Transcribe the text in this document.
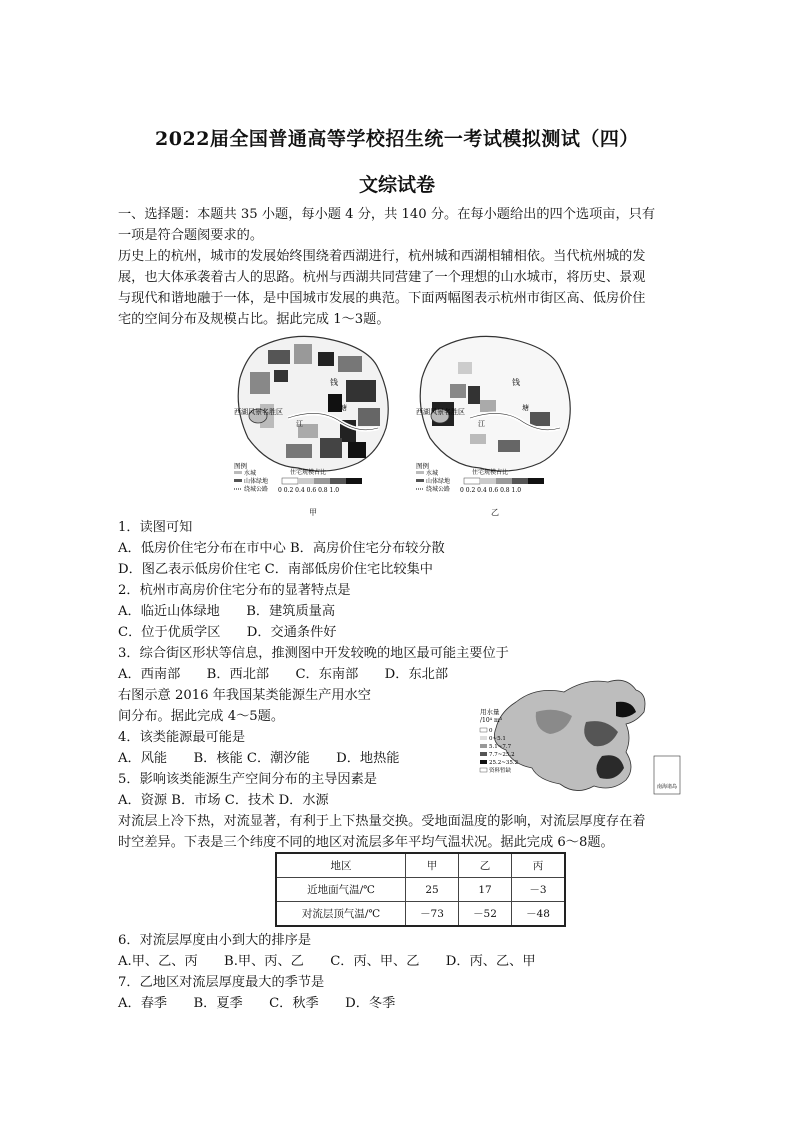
2022届全国普通高等学校招生统一考试模拟测试（四）
文综试卷
一、选择题：本题共 35 小题，每小题 4 分，共 140 分。在每小题给出的四个选项亩，只有
一项是符合题阂要求的。
历史上的杭州，城市的发展始终围绕着西湖进行，杭州城和西湖相辅相依。当代杭州城的发
展，也大体承袭着古人的思路。杭州与西湖共同营建了一个理想的山水城市，将历史、景观
与现代和谐地融于一体，是中国城市发展的典范。下面两幅图表示杭州市街区高、低房价住
宅的空间分布及规模占比。据此完成 1～3题。
钱
塘
江
西湖风景名胜区
图例
水城
山体绿地
绕城公路
住宅规模占比
0 0.2 0.4 0.6 0.8 1.0
甲
钱
塘
江
西湖风景名胜区
图例
水城
山体绿地
绕城公路
住宅规模占比
0 0.2 0.4 0.6 0.8 1.0
乙
1．读图可知
A．低房价住宅分布在市中心 B．高房价住宅分布较分散
D．图乙表示低房价住宅 C．南部低房价住宅比较集中
2．杭州市高房价住宅分布的显著特点是
A．临近山体绿地　　B．建筑质量高
C．位于优质学区　　D．交通条件好
3．综合街区形状等信息，推测图中开发较晚的地区最可能主要位于
A．西南部　　B．西北部　　C．东南部　　D．东北部
右图示意 2016 年我国某类能源生产用水空
间分布。据此完成 4～5题。
4．该类能源最可能是
A．风能　　B．核能 C．潮汐能　　D．地热能
5．影响该类能源生产空间分布的主导因素是
A．资源 B．市场 C．技术 D．水源
南海诸岛
用水量
/10⁴ m³
0
0~5.1
5.1~7.7
7.7~25.2
25.2~35.2
资料暂缺
对流层上冷下热，对流显著，有利于上下热量交换。受地面温度的影响，对流层厚度存在着
时空差异。下表是三个纬度不同的地区对流层多年平均气温状况。据此完成 6～8题。
地区	甲	乙	丙
近地面气温/℃	25	17	－3
对流层顶气温/℃	－73	－52	－48
6．对流层厚度由小到大的排序是
A.甲、乙、丙　　B.甲、丙、乙　　C．丙、甲、乙　　D．丙、乙、甲
7．乙地区对流层厚度最大的季节是
A．春季　　B．夏季　　C．秋季　　D．冬季
